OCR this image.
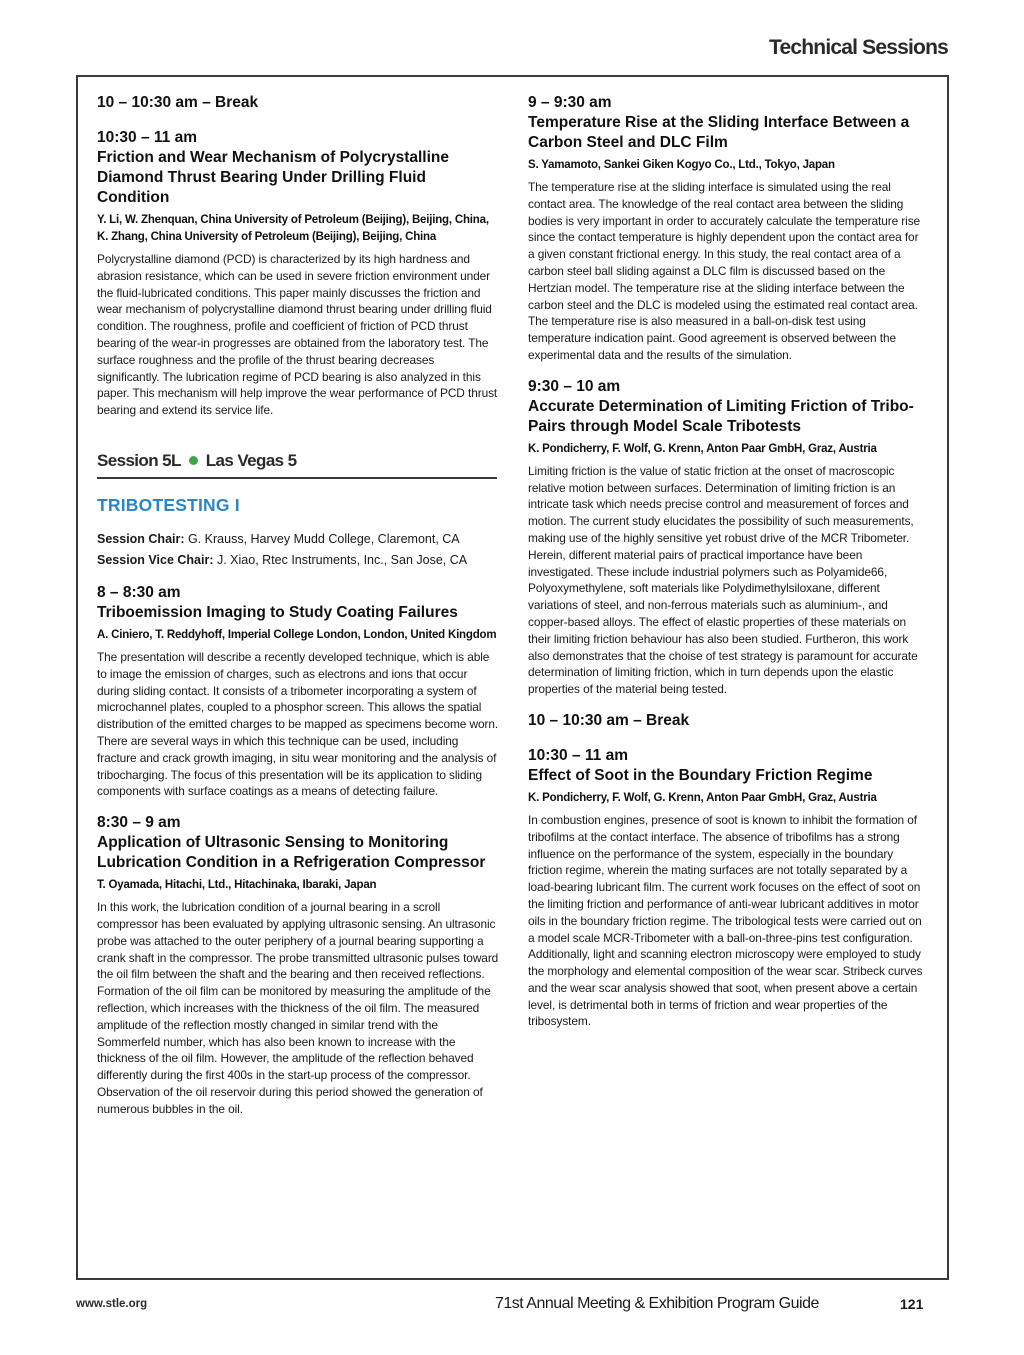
Technical Sessions
10 – 10:30 am – Break
10:30 – 11 am
Friction and Wear Mechanism of Polycrystalline Diamond Thrust Bearing Under Drilling Fluid Condition
Y. Li, W. Zhenquan, China University of Petroleum (Beijing), Beijing, China, K. Zhang, China University of Petroleum (Beijing), Beijing, China
Polycrystalline diamond (PCD) is characterized by its high hardness and abrasion resistance, which can be used in severe friction environment under the fluid-lubricated conditions. This paper mainly discusses the friction and wear mechanism of polycrystalline diamond thrust bearing under drilling fluid condition. The roughness, profile and coefficient of friction of PCD thrust bearing of the wear-in progresses are obtained from the laboratory test. The surface roughness and the profile of the thrust bearing decreases significantly. The lubrication regime of PCD bearing is also analyzed in this paper. This mechanism will help improve the wear performance of PCD thrust bearing and extend its service life.
Session 5L Las Vegas 5
TRIBOTESTING I
Session Chair: G. Krauss, Harvey Mudd College, Claremont, CA
Session Vice Chair: J. Xiao, Rtec Instruments, Inc., San Jose, CA
8 – 8:30 am
Triboemission Imaging to Study Coating Failures
A. Ciniero, T. Reddyhoff, Imperial College London, London, United Kingdom
The presentation will describe a recently developed technique, which is able to image the emission of charges, such as electrons and ions that occur during sliding contact. It consists of a tribometer incorporating a system of microchannel plates, coupled to a phosphor screen. This allows the spatial distribution of the emitted charges to be mapped as specimens become worn. There are several ways in which this technique can be used, including fracture and crack growth imaging, in situ wear monitoring and the analysis of tribocharging. The focus of this presentation will be its application to sliding components with surface coatings as a means of detecting failure.
8:30 – 9 am
Application of Ultrasonic Sensing to Monitoring Lubrication Condition in a Refrigeration Compressor
T. Oyamada, Hitachi, Ltd., Hitachinaka, Ibaraki, Japan
In this work, the lubrication condition of a journal bearing in a scroll compressor has been evaluated by applying ultrasonic sensing. An ultrasonic probe was attached to the outer periphery of a journal bearing supporting a crank shaft in the compressor. The probe transmitted ultrasonic pulses toward the oil film between the shaft and the bearing and then received reflections. Formation of the oil film can be monitored by measuring the amplitude of the reflection, which increases with the thickness of the oil film. The measured amplitude of the reflection mostly changed in similar trend with the Sommerfeld number, which has also been known to increase with the thickness of the oil film. However, the amplitude of the reflection behaved differently during the first 400s in the start-up process of the compressor. Observation of the oil reservoir during this period showed the generation of numerous bubbles in the oil.
9 – 9:30 am
Temperature Rise at the Sliding Interface Between a Carbon Steel and DLC Film
S. Yamamoto, Sankei Giken Kogyo Co., Ltd., Tokyo, Japan
The temperature rise at the sliding interface is simulated using the real contact area. The knowledge of the real contact area between the sliding bodies is very important in order to accurately calculate the temperature rise since the contact temperature is highly dependent upon the contact area for a given constant frictional energy. In this study, the real contact area of a carbon steel ball sliding against a DLC film is discussed based on the Hertzian model. The temperature rise at the sliding interface between the carbon steel and the DLC is modeled using the estimated real contact area. The temperature rise is also measured in a ball-on-disk test using temperature indication paint. Good agreement is observed between the experimental data and the results of the simulation.
9:30 – 10 am
Accurate Determination of Limiting Friction of Tribo-Pairs through Model Scale Tribotests
K. Pondicherry, F. Wolf, G. Krenn, Anton Paar GmbH, Graz, Austria
Limiting friction is the value of static friction at the onset of macroscopic relative motion between surfaces. Determination of limiting friction is an intricate task which needs precise control and measurement of forces and motion. The current study elucidates the possibility of such measurements, making use of the highly sensitive yet robust drive of the MCR Tribometer. Herein, different material pairs of practical importance have been investigated. These include industrial polymers such as Polyamide66, Polyoxymethylene, soft materials like Polydimethylsiloxane, different variations of steel, and non-ferrous materials such as aluminium-, and copper-based alloys. The effect of elastic properties of these materials on their limiting friction behaviour has also been studied. Furtheron, this work also demonstrates that the choise of test strategy is paramount for accurate determination of limiting friction, which in turn depends upon the elastic properties of the material being tested.
10 – 10:30 am – Break
10:30 – 11 am
Effect of Soot in the Boundary Friction Regime
K. Pondicherry, F. Wolf, G. Krenn, Anton Paar GmbH, Graz, Austria
In combustion engines, presence of soot is known to inhibit the formation of tribofilms at the contact interface. The absence of tribofilms has a strong influence on the performance of the system, especially in the boundary friction regime, wherein the mating surfaces are not totally separated by a load-bearing lubricant film. The current work focuses on the effect of soot on the limiting friction and performance of anti-wear lubricant additives in motor oils in the boundary friction regime. The tribological tests were carried out on a model scale MCR-Tribometer with a ball-on-three-pins test configuration. Additionally, light and scanning electron microscopy were employed to study the morphology and elemental composition of the wear scar. Stribeck curves and the wear scar analysis showed that soot, when present above a certain level, is detrimental both in terms of friction and wear properties of the tribosystem.
www.stle.org	71st Annual Meeting & Exhibition Program Guide	121
